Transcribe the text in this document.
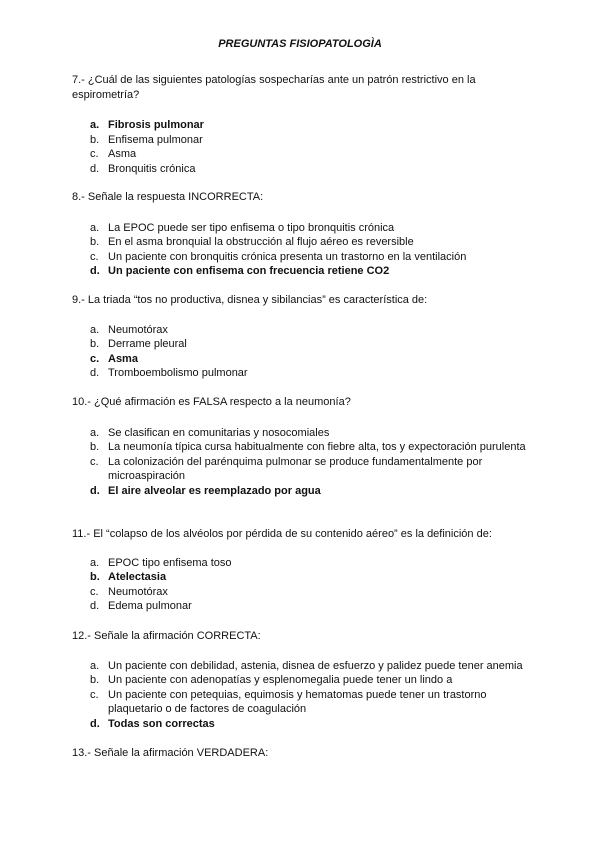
PREGUNTAS FISIOPATOLOGÌA

7.- ¿Cuál de las siguientes patologías sospecharías ante un patrón restrictivo en la espirometría?

a. Fibrosis pulmonar
b. Enfisema pulmonar
c. Asma
d. Bronquitis crónica

8.- Señale la respuesta INCORRECTA:

a. La EPOC puede ser tipo enfisema o tipo bronquitis crónica
b. En el asma bronquial la obstrucción al flujo aéreo es reversible
c. Un paciente con bronquitis crónica presenta un trastorno en la ventilación
d. Un paciente con enfisema con frecuencia retiene CO2

9.- La triada “tos no productiva, disnea y sibilancias” es característica de:

a. Neumotórax
b. Derrame pleural
c. Asma
d. Tromboembolismo pulmonar

10.- ¿Qué afirmación es FALSA respecto a la neumonía?

a. Se clasifican en comunitarias y nosocomiales
b. La neumonía típica cursa habitualmente con fiebre alta, tos y expectoración purulenta
c. La colonización del parénquima pulmonar se produce fundamentalmente por microaspiración
d. El aire alveolar es reemplazado por agua

11.- El “colapso de los alvéolos por pérdida de su contenido aéreo” es la definición de:

a. EPOC tipo enfisema toso
b. Atelectasia
c. Neumotórax
d. Edema pulmonar

12.- Señale la afirmación CORRECTA:

a. Un paciente con debilidad, astenia, disnea de esfuerzo y palidez puede tener anemia
b. Un paciente con adenopatías y esplenomegalia puede tener un lindo a
c. Un paciente con petequias, equimosis y hematomas puede tener un trastorno plaquetario o de factores de coagulación
d. Todas son correctas

13.- Señale la afirmación VERDADERA:
